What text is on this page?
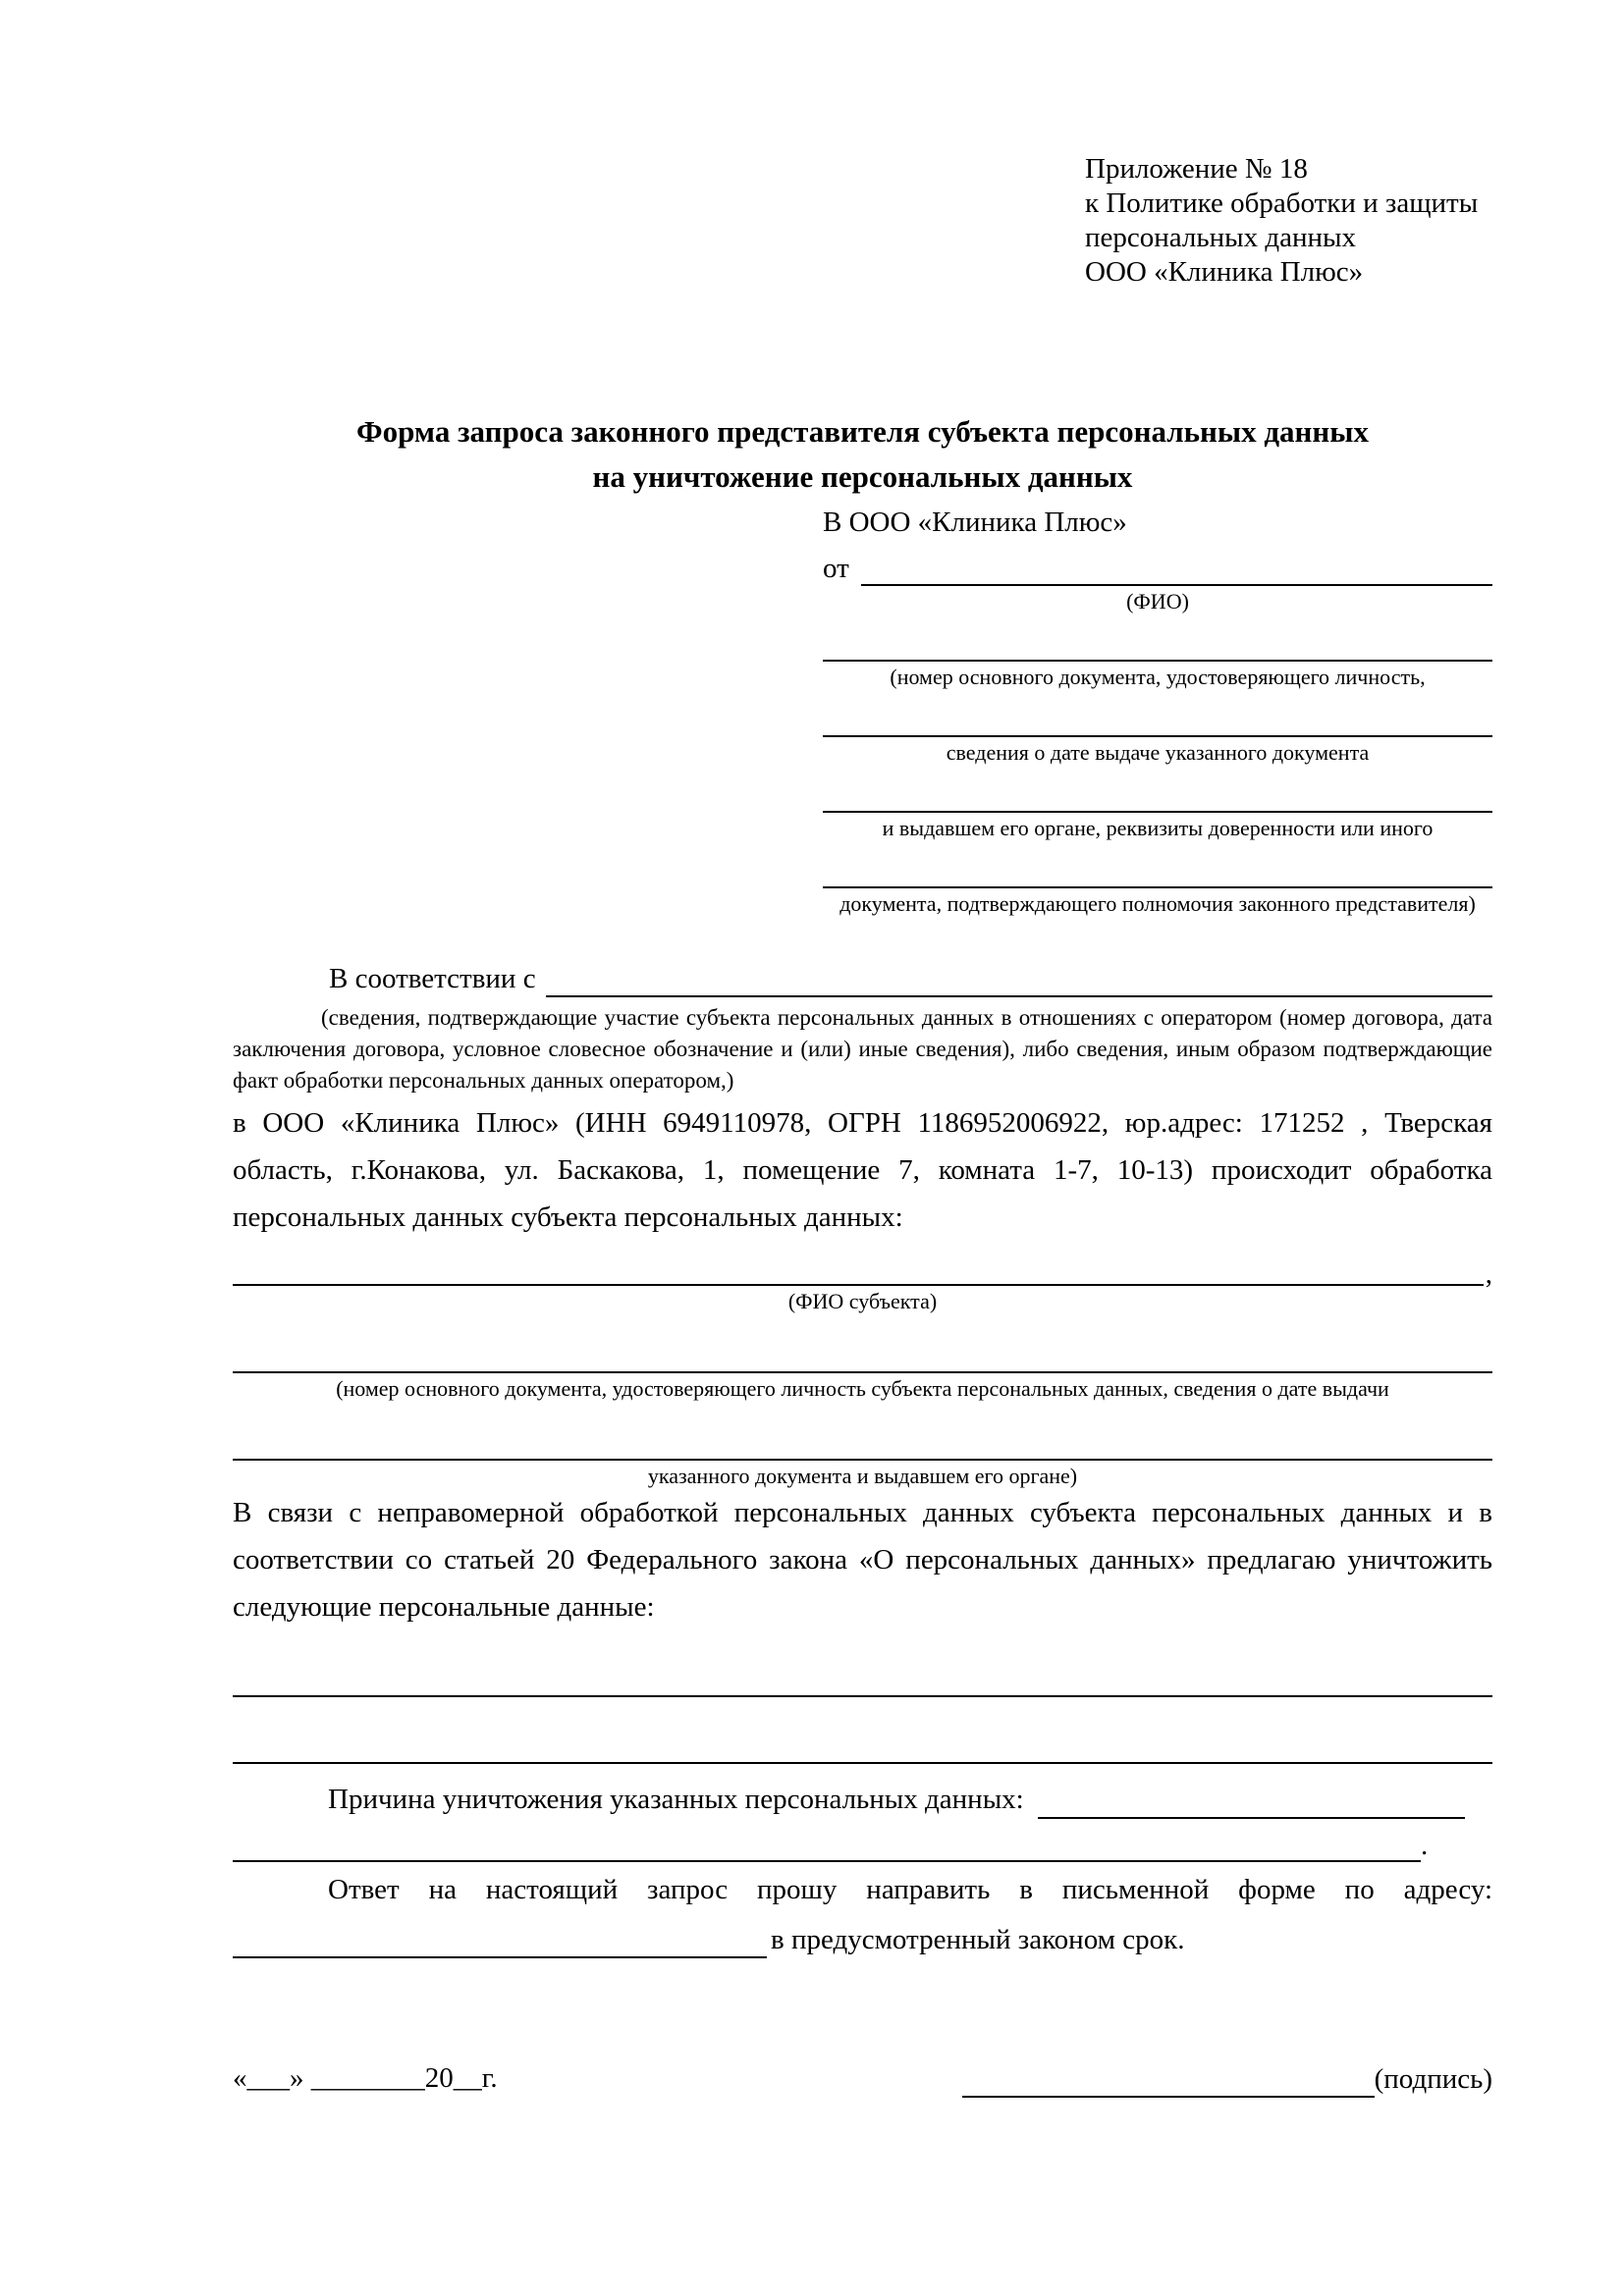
Приложение № 18
к Политике обработки и защиты
персональных данных
ООО «Клиника Плюс»
Форма запроса законного представителя субъекта персональных данных
на уничтожение персональных данных
В ООО «Клиника Плюс»
от
(ФИО)
(номер основного документа, удостоверяющего личность,
сведения о дате выдаче указанного документа
и выдавшем его органе, реквизиты доверенности или иного
документа, подтверждающего полномочия законного представителя)
В соответствии с
(сведения, подтверждающие участие субъекта персональных данных в отношениях с оператором (номер договора, дата заключения договора, условное словесное обозначение и (или) иные сведения), либо сведения, иным образом подтверждающие факт обработки персональных данных оператором,)

в ООО «Клиника Плюс» (ИНН 6949110978, ОГРН 1186952006922, юр.адрес: 171252 , Тверская область, г.Конакова, ул. Баскакова, 1, помещение 7, комната 1-7, 10-13) происходит обработка персональных данных субъекта персональных данных:

,
(ФИО субъекта)
(номер основного документа, удостоверяющего личность субъекта персональных данных, сведения о дате выдачи
указанного документа и выдавшем его органе)

В связи с неправомерной обработкой персональных данных субъекта персональных данных и в соответствии со статьей 20 Федерального закона «О персональных данных» предлагаю уничтожить следующие персональные данные:

Причина уничтожения указанных персональных данных:
.

Ответ на настоящий запрос прошу направить в письменной форме по адресу:

в предусмотренный законом срок.
«___» ________20__г.	(подпись)
